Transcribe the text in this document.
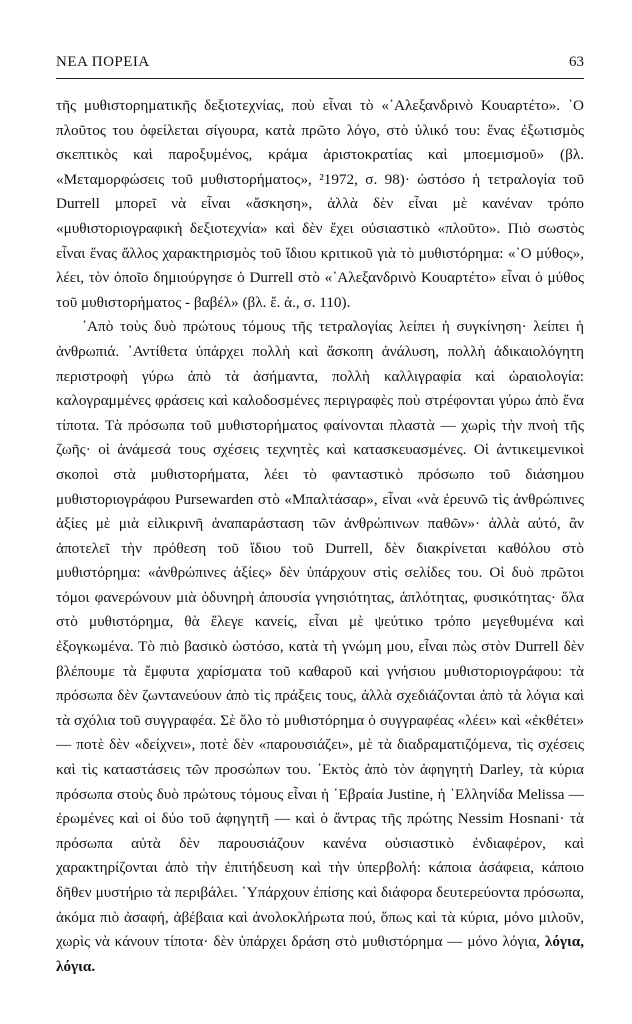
ΝΕΑ ΠΟΡΕΙΑ	63

τῆς μυθιστορηματικῆς δεξιοτεχνίας, ποὺ εἶναι τὸ «᾽Αλεξανδρινὸ Κουαρτέτο». ᾽Ο πλοῦτος του ὀφείλεται σίγουρα, κατὰ πρῶτο λόγο, στὸ ὑλικό του: ἕνας ἐξωτισμὸς σκεπτικὸς καὶ παροξυμένος, κράμα ἀριστοκρατίας καὶ μποεμισμοῦ» (βλ. «Μεταμορφώσεις τοῦ μυθιστορήματος», ²1972, σ. 98)· ὡστόσο ἡ τετραλογία τοῦ Durrell μπορεῖ νὰ εἶναι «ἄσκηση», ἀλλὰ δὲν εἶναι μὲ κανέναν τρόπο «μυθιστοριογραφικὴ δεξιοτεχνία» καὶ δὲν ἔχει οὐσιαστικὸ «πλοῦτο». Πιὸ σωστὸς εἶναι ἕνας ἄλλος χαρακτηρισμὸς τοῦ ἴδιου κριτικοῦ γιὰ τὸ μυθιστόρημα: «᾽Ο μύθος», λέει, τὸν ὁποῖο δημιούργησε ὁ Durrell στὸ «᾽Αλεξανδρινὸ Κουαρτέτο» εἶναι ὁ μύθος τοῦ μυθιστορήματος - βαβέλ» (βλ. ἔ. ἀ., σ. 110).

᾽Απὸ τοὺς δυὸ πρώτους τόμους τῆς τετραλογίας λείπει ἡ συγκίνηση· λείπει ἡ ἀνθρωπιά. ᾽Αντίθετα ὑπάρχει πολλὴ καὶ ἄσκοπη ἀνάλυση, πολλὴ ἀδικαιολόγητη περιστροφὴ γύρω ἀπὸ τὰ ἀσήμαντα, πολλὴ καλλιγραφία καὶ ὡραιολογία: καλογραμμένες φράσεις καὶ καλοδοσμένες περιγραφὲς ποὺ στρέφονται γύρω ἀπὸ ἕνα τίποτα. Τὰ πρόσωπα τοῦ μυθιστορήματος φαίνονται πλαστὰ — χωρὶς τὴν πνοὴ τῆς ζωῆς· οἱ ἀνάμεσά τους σχέσεις τεχνητὲς καὶ κατασκευασμένες. Οἱ ἀντικειμενικοὶ σκοποὶ στὰ μυθιστορήματα, λέει τὸ φανταστικὸ πρόσωπο τοῦ διάσημου μυθιστοριογράφου Pursewarden στὸ «Μπαλτάσαρ», εἶναι «νὰ ἐρευνῶ τὶς ἀνθρώπινες ἀξίες μὲ μιὰ εἰλικρινῆ ἀναπαράσταση τῶν ἀνθρώπινων παθῶν»· ἀλλὰ αὐτό, ἂν ἀποτελεῖ τὴν πρόθεση τοῦ ἴδιου τοῦ Durrell, δὲν διακρίνεται καθόλου στὸ μυθιστόρημα: «ἀνθρώπινες ἀξίες» δὲν ὑπάρχουν στὶς σελίδες του. Οἱ δυὸ πρῶτοι τόμοι φανερώνουν μιὰ ὀδυνηρὴ ἀπουσία γνησιότητας, ἁπλότητας, φυσικότητας· ὅλα στὸ μυθιστόρημα, θὰ ἔλεγε κανείς, εἶναι μὲ ψεύτικο τρόπο μεγεθυμένα καὶ ἐξογκωμένα. Τὸ πιὸ βασικὸ ὡστόσο, κατὰ τὴ γνώμη μου, εἶναι πὼς στὸν Durrell δὲν βλέπουμε τὰ ἔμφυτα χαρίσματα τοῦ καθαροῦ καὶ γνήσιου μυθιστοριογράφου: τὰ πρόσωπα δὲν ζωντανεύουν ἀπὸ τὶς πράξεις τους, ἀλλὰ σχεδιάζονται ἀπὸ τὰ λόγια καὶ τὰ σχόλια τοῦ συγγραφέα. Σὲ ὅλο τὸ μυθιστόρημα ὁ συγγραφέας «λέει» καὶ «ἐκθέτει» — ποτὲ δὲν «δείχνει», ποτὲ δὲν «παρουσιάζει», μὲ τὰ διαδραματιζόμενα, τὶς σχέσεις καὶ τὶς καταστάσεις τῶν προσώπων του. ᾽Εκτὸς ἀπὸ τὸν ἀφηγητὴ Darley, τὰ κύρια πρόσωπα στοὺς δυὸ πρώτους τόμους εἶναι ἡ ῾Εβραία Justine, ἡ ῾Ελληνίδα Melissa — ἐρωμένες καὶ οἱ δύο τοῦ ἀφηγητῆ — καὶ ὁ ἄντρας τῆς πρώτης Nessim Hosnani· τὰ πρόσωπα αὐτὰ δὲν παρουσιάζουν κανένα οὐσιαστικὸ ἐνδιαφέρον, καὶ χαρακτηρίζονται ἀπὸ τὴν ἐπιτήδευση καὶ τὴν ὑπερβολή: κάποια ἀσάφεια, κάποιο δῆθεν μυστήριο τὰ περιβάλει. ῾Υπάρχουν ἐπίσης καὶ διάφορα δευτερεύοντα πρόσωπα, ἀκόμα πιὸ ἀσαφή, ἀβέβαια καὶ ἀνολοκλήρωτα πού, ὅπως καὶ τὰ κύρια, μόνο μιλοῦν, χωρὶς νὰ κάνουν τίποτα· δὲν ὑπάρχει δράση στὸ μυθιστόρημα — μόνο λόγια, λόγια, λόγια.
